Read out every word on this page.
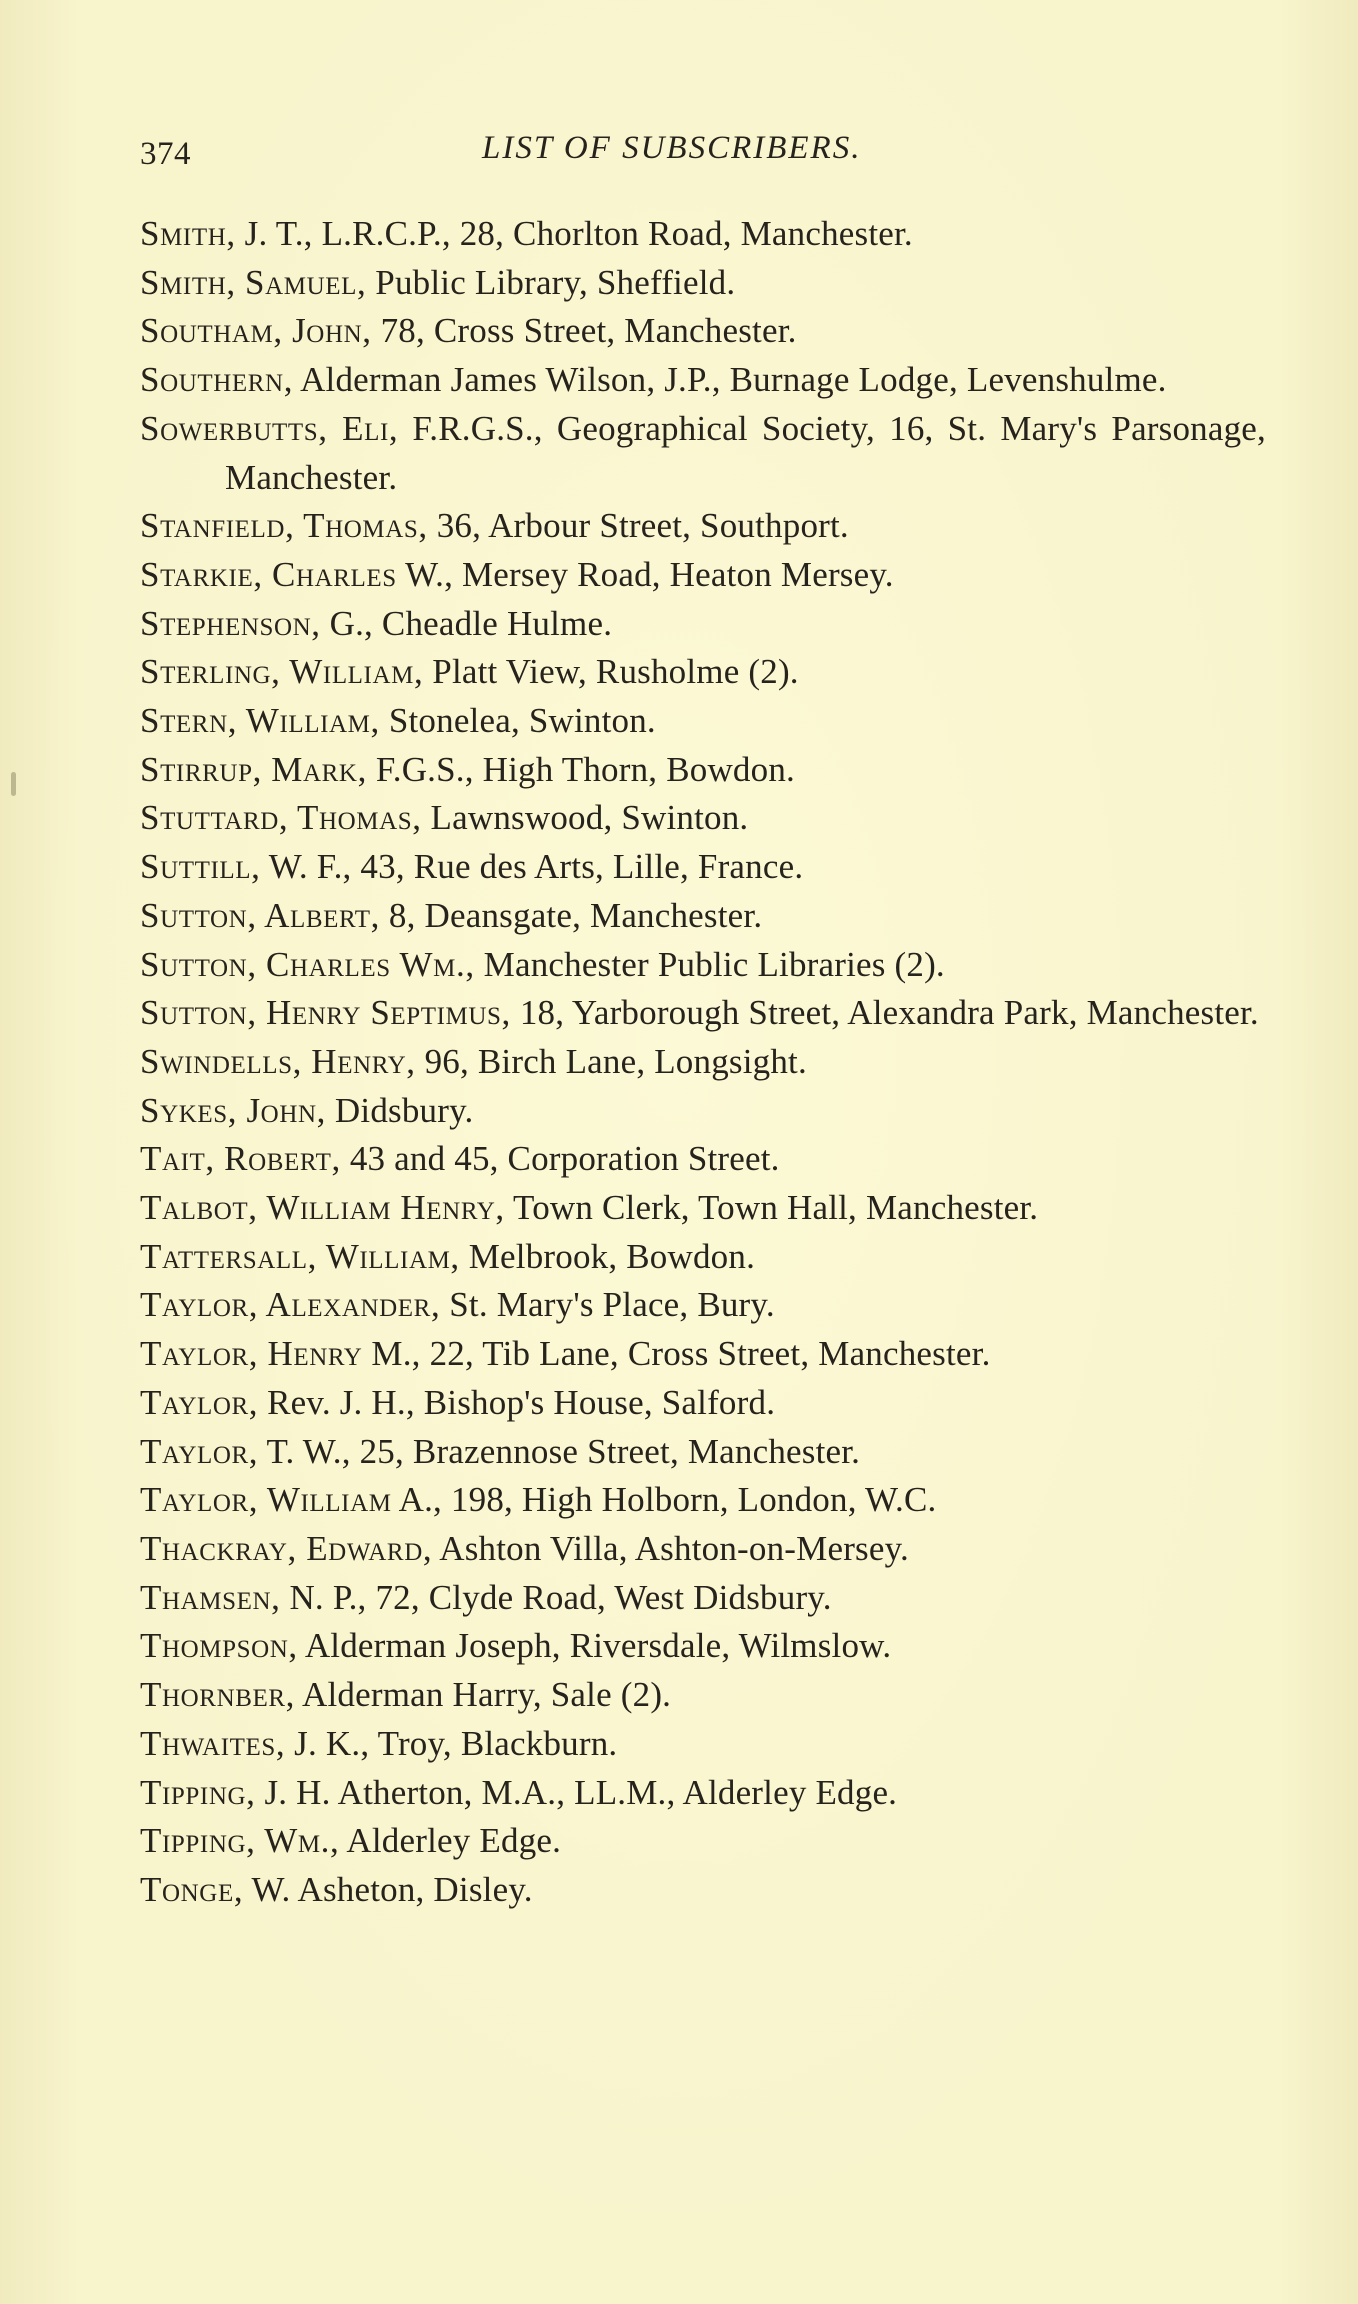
374	LIST OF SUBSCRIBERS.

Smith, J. T., L.R.C.P., 28, Chorlton Road, Manchester.

Smith, Samuel, Public Library, Sheffield.

Southam, John, 78, Cross Street, Manchester.

Southern, Alderman James Wilson, J.P., Burnage Lodge, Levenshulme.

Sowerbutts, Eli, F.R.G.S., Geographical Society, 16, St. Mary's Parsonage, Manchester.

Stanfield, Thomas, 36, Arbour Street, Southport.

Starkie, Charles W., Mersey Road, Heaton Mersey.

Stephenson, G., Cheadle Hulme.

Sterling, William, Platt View, Rusholme (2).

Stern, William, Stonelea, Swinton.

Stirrup, Mark, F.G.S., High Thorn, Bowdon.

Stuttard, Thomas, Lawnswood, Swinton.

Suttill, W. F., 43, Rue des Arts, Lille, France.

Sutton, Albert, 8, Deansgate, Manchester.

Sutton, Charles Wm., Manchester Public Libraries (2).

Sutton, Henry Septimus, 18, Yarborough Street, Alexandra Park, Manchester.

Swindells, Henry, 96, Birch Lane, Longsight.

Sykes, John, Didsbury.

Tait, Robert, 43 and 45, Corporation Street.

Talbot, William Henry, Town Clerk, Town Hall, Manchester.

Tattersall, William, Melbrook, Bowdon.

Taylor, Alexander, St. Mary's Place, Bury.

Taylor, Henry M., 22, Tib Lane, Cross Street, Manchester.

Taylor, Rev. J. H., Bishop's House, Salford.

Taylor, T. W., 25, Brazennose Street, Manchester.

Taylor, William A., 198, High Holborn, London, W.C.

Thackray, Edward, Ashton Villa, Ashton-on-Mersey.

Thamsen, N. P., 72, Clyde Road, West Didsbury.

Thompson, Alderman Joseph, Riversdale, Wilmslow.

Thornber, Alderman Harry, Sale (2).

Thwaites, J. K., Troy, Blackburn.

Tipping, J. H. Atherton, M.A., LL.M., Alderley Edge.

Tipping, Wm., Alderley Edge.

Tonge, W. Asheton, Disley.
